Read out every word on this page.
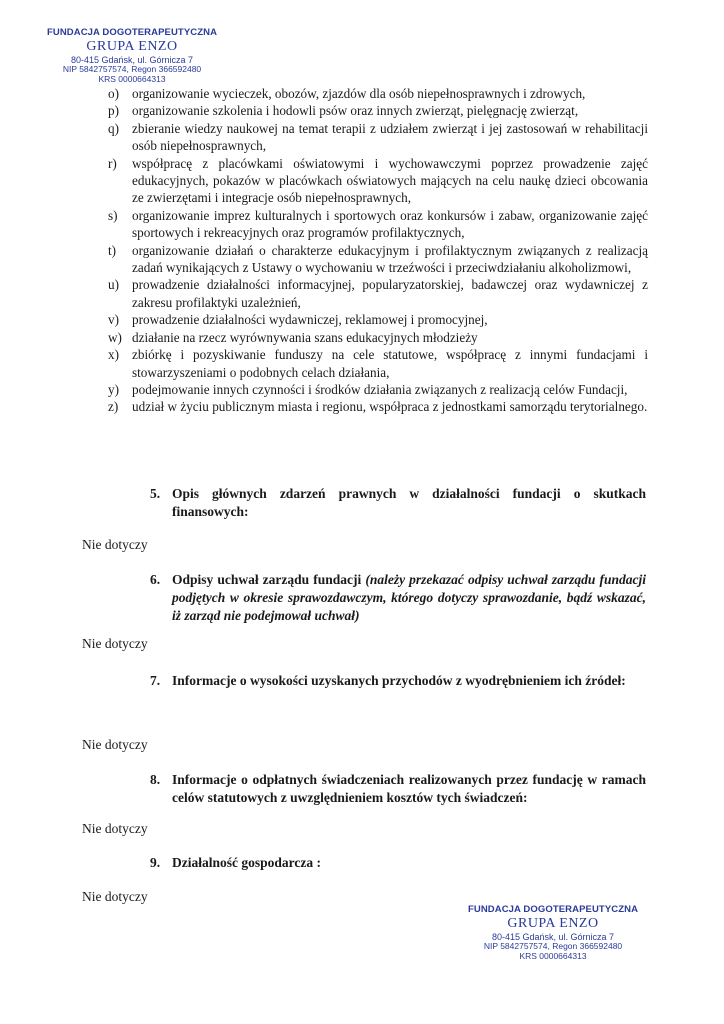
FUNDACJA DOGOTERAPEUTYCZNA
GRUPA ENZO
80-415 Gdańsk, ul. Górnicza 7
NIP 5842757574, Regon 366592480
KRS 0000664313
o) organizowanie wycieczek, obozów, zjazdów dla osób niepełnosprawnych i zdrowych,
p) organizowanie szkolenia i hodowli psów oraz innych zwierząt, pielęgnację zwierząt,
q) zbieranie wiedzy naukowej na temat terapii z udziałem zwierząt i jej zastosowań w rehabilitacji osób niepełnosprawnych,
r) współpracę z placówkami oświatowymi i wychowawczymi poprzez prowadzenie zajęć edukacyjnych, pokazów w placówkach oświatowych mających na celu naukę dzieci obcowania ze zwierzętami i integracje osób niepełnosprawnych,
s) organizowanie imprez kulturalnych i sportowych oraz konkursów i zabaw, organizowanie zajęć sportowych i rekreacyjnych oraz programów profilaktycznych,
t) organizowanie działań o charakterze edukacyjnym i profilaktycznym związanych z realizacją zadań wynikających z Ustawy o wychowaniu w trzeźwości i przeciwdziałaniu alkoholizmowi,
u) prowadzenie działalności informacyjnej, popularyzatorskiej, badawczej oraz wydawniczej z zakresu profilaktyki uzależnień,
v) prowadzenie działalności wydawniczej, reklamowej i promocyjnej,
w) działanie na rzecz wyrównywania szans edukacyjnych młodzieży
x) zbiórkę i pozyskiwanie funduszy na cele statutowe, współpracę z innymi fundacjami i stowarzyszeniami o podobnych celach działania,
y) podejmowanie innych czynności i środków działania związanych z realizacją celów Fundacji,
z) udział w życiu publicznym miasta i regionu, współpraca z jednostkami samorządu terytorialnego.
5. Opis głównych zdarzeń prawnych w działalności fundacji o skutkach finansowych:
Nie dotyczy
6. Odpisy uchwał zarządu fundacji (należy przekazać odpisy uchwał zarządu fundacji podjętych w okresie sprawozdawczym, którego dotyczy sprawozdanie, bądź wskazać, iż zarząd nie podejmował uchwał)
Nie dotyczy
7. Informacje o wysokości uzyskanych przychodów z wyodrębnieniem ich źródeł:
Nie dotyczy
8. Informacje o odpłatnych świadczeniach realizowanych przez fundację w ramach celów statutowych z uwzględnieniem kosztów tych świadczeń:
Nie dotyczy
9. Działalność gospodarcza :
Nie dotyczy
FUNDACJA DOGOTERAPEUTYCZNA
GRUPA ENZO
80-415 Gdańsk, ul. Górnicza 7
NIP 5842757574, Regon 366592480
KRS 0000664313
